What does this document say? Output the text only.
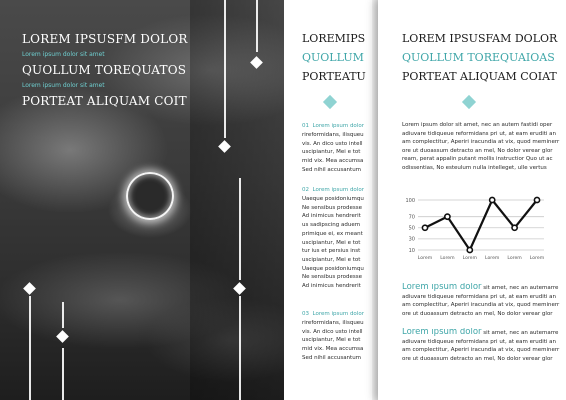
LOREM IPSUSFM DOLOR
Lorem ipsum dolor sit amet
QUOLLUM TOREQUATOS
Lorem ipsum dolor sit amet
PORTEAT ALIQUAM COIT
LOREMIPS
QUOLLUM
PORTEATU
01 Lorem ipsum dolor
rireformidans, ilisqueu
vis. An dico usto intell
uscipiantur, Mei e tot
mid vix. Mea accumsa
Sed nihil accusantum
02 Lorem ipsum dolor
Uaeque posidoniumqu
Ne sensibus prodesse
Ad inimicus hendrerit
us sadipscing aduem
primique ei, ex meant
uscipiantur, Mei e tot
tur ius et persius inst
uscipiantur, Mei e tot
Uaeque posidoniumqu
Ne sensibus prodesse
Ad inimicus hendrerit
03 Lorem ipsum dolor
rireformidans, ilisqueu
vis. An dico usto intell
uscipiantur, Mei e tot
mid vix. Mea accumsa
Sed nihil accusantum
LOREM IPSUSFAM DOLOR
QUOLLUM TOREQUAIOAS
PORTEAT ALIQUAM COIAT
Lorem ipsum dolor sit amet, nec an autem fastidi oper
adiuvare tidiqueue reformidans pri ut, at eam eruditi an
am complectitur, Aperiri iracundia at vix, quod meminerr
ore ut duoassum detracto an mel, No dolor verear glor
ream, perat appalin putant mollis instructior Quo ut ac
odissentias, No esteulum nulla intelleget, ulle vertus
10
30
50
70
100
Lorem Lorem Lorem Lorem Lorem Lorem
Lorem ipsum dolor sit amet, nec an autemarre
adiuvare tidiqueue reformidans pri ut, at eam eruditi an
am complectitur, Aperiri iracundia at vix, quod meminerr
ore ut duoassum detracto an mel, No dolor verear glor
Lorem ipsum dolor sit amet, nec an autemarre
adiuvare tidiqueue reformidans pri ut, at eam eruditi an
am complectitur, Aperiri iracundia at vix, quod meminerr
ore ut duoassum detracto an mel, No dolor verear glor
